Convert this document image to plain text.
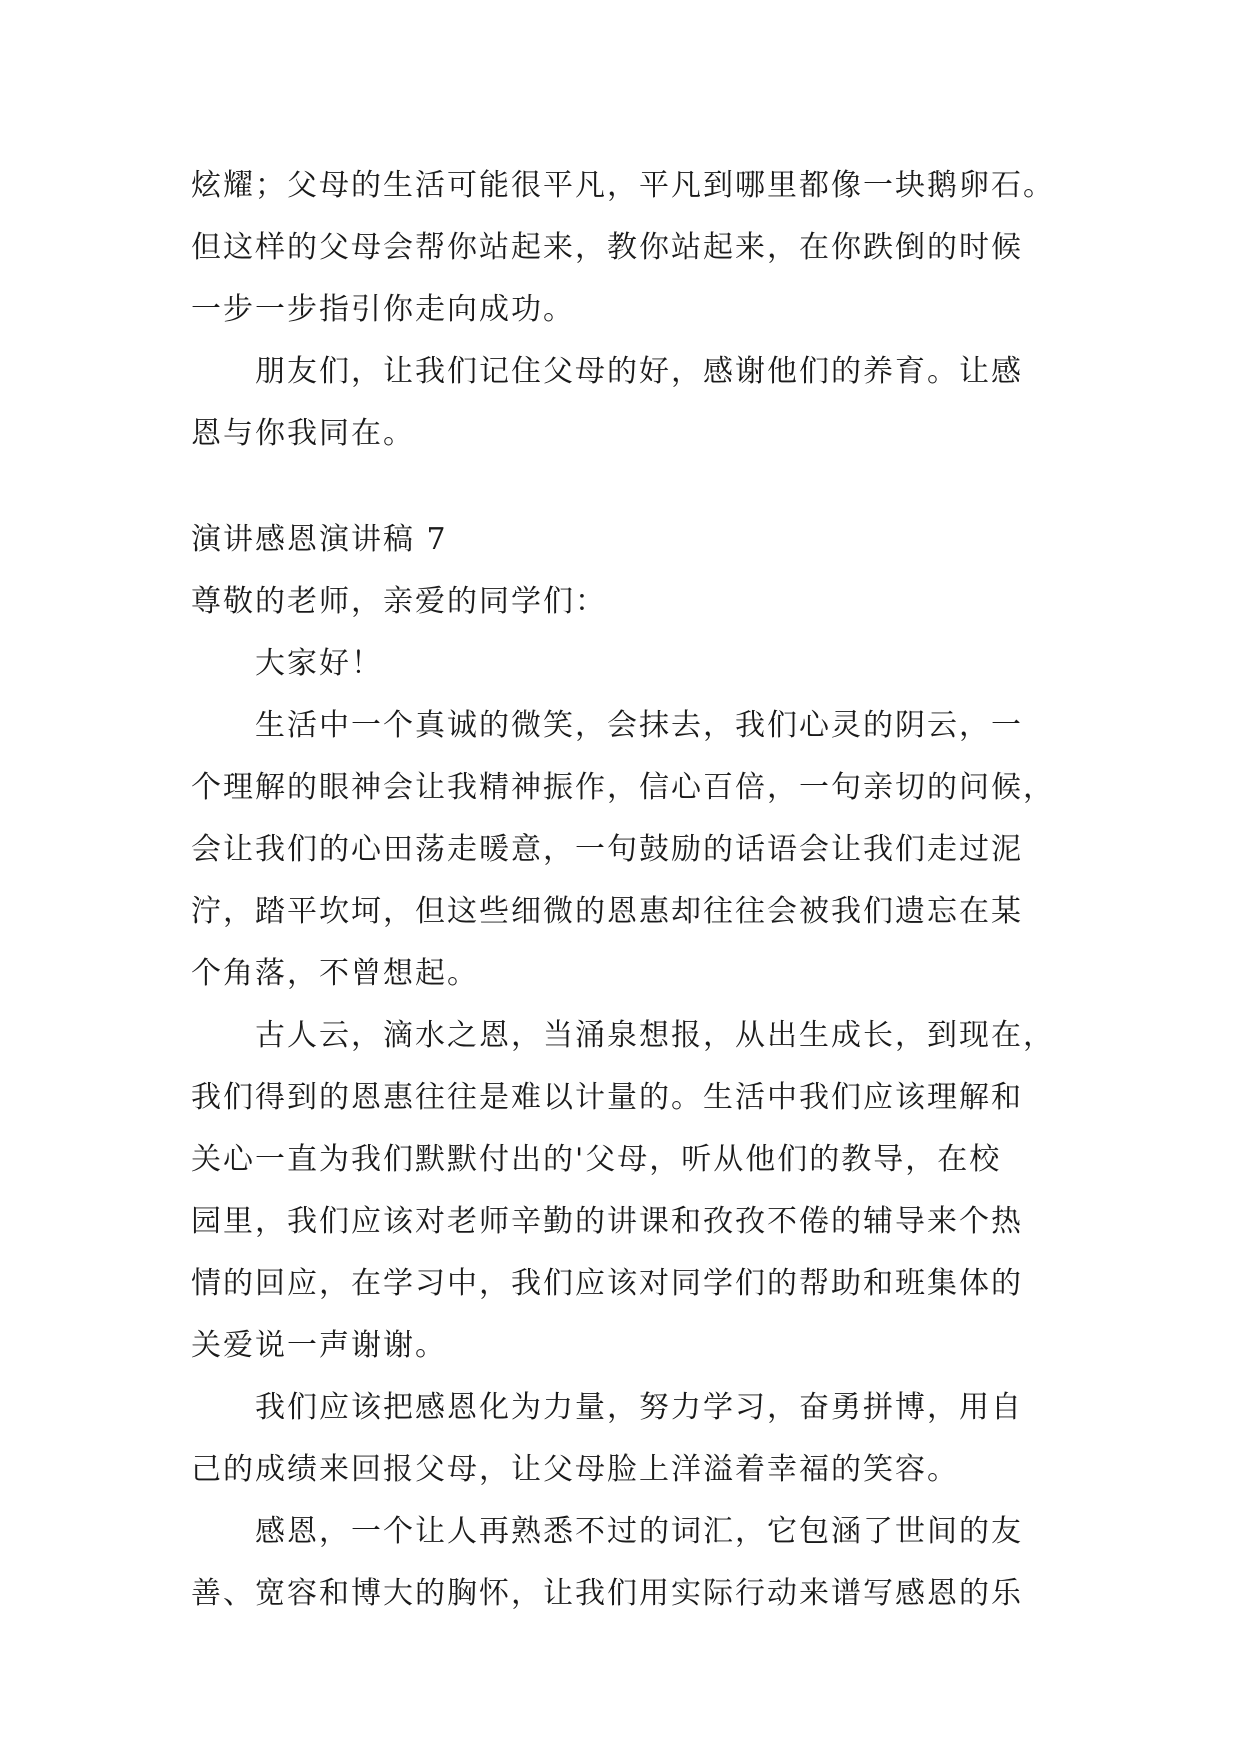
炫耀；父母的生活可能很平凡，平凡到哪里都像一块鹅卵石。
但这样的父母会帮你站起来，教你站起来，在你跌倒的时候
一步一步指引你走向成功。
朋友们，让我们记住父母的好，感谢他们的养育。让感
恩与你我同在。
演讲感恩演讲稿 7
尊敬的老师，亲爱的同学们：
大家好！
生活中一个真诚的微笑，会抹去，我们心灵的阴云，一
个理解的眼神会让我精神振作，信心百倍，一句亲切的问候，
会让我们的心田荡走暖意，一句鼓励的话语会让我们走过泥
泞，踏平坎坷，但这些细微的恩惠却往往会被我们遗忘在某
个角落，不曾想起。
古人云，滴水之恩，当涌泉想报，从出生成长，到现在，
我们得到的恩惠往往是难以计量的。生活中我们应该理解和
关心一直为我们默默付出的'父母，听从他们的教导，在校
园里，我们应该对老师辛勤的讲课和孜孜不倦的辅导来个热
情的回应，在学习中，我们应该对同学们的帮助和班集体的
关爱说一声谢谢。
我们应该把感恩化为力量，努力学习，奋勇拼博，用自
己的成绩来回报父母，让父母脸上洋溢着幸福的笑容。
感恩，一个让人再熟悉不过的词汇，它包涵了世间的友
善、宽容和博大的胸怀，让我们用实际行动来谱写感恩的乐
